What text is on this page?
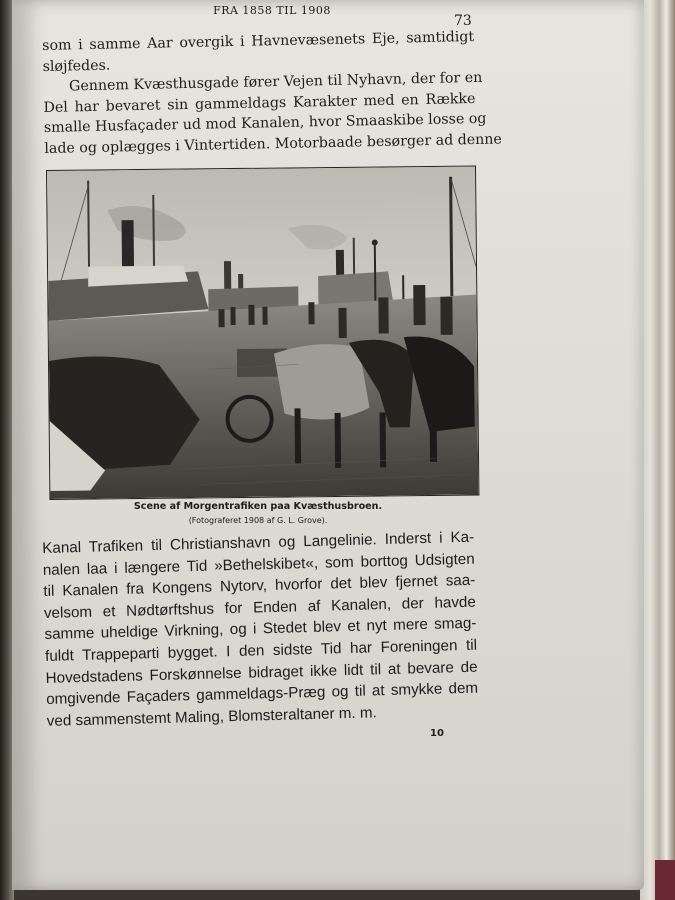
FRA 1858 TIL 1908
73
som i samme Aar overgik i Havnevæsenets Eje, samtidigt
sløjfedes.
Gennem Kvæsthusgade fører Vejen til Nyhavn, der for en
Del har bevaret sin gammeldags Karakter med en Række
smalle Husfaçader ud mod Kanalen, hvor Smaaskibe losse og
lade og oplægges i Vintertiden. Motorbaade besørger ad denne
Scene af Morgentrafiken paa Kvæsthusbroen.
(Fotograferet 1908 af G. L. Grove).
Kanal Trafiken til Christianshavn og Langelinie. Inderst i Ka-
nalen laa i længere Tid »Bethelskibet«, som borttog Udsigten
til Kanalen fra Kongens Nytorv, hvorfor det blev fjernet saa-
velsom et Nødtørftshus for Enden af Kanalen, der havde
samme uheldige Virkning, og i Stedet blev et nyt mere smag-
fuldt Trappeparti bygget. I den sidste Tid har Foreningen til
Hovedstadens Forskønnelse bidraget ikke lidt til at bevare de
omgivende Façaders gammeldags-Præg og til at smykke dem
ved sammenstemt Maling, Blomsteraltaner m. m.
10
